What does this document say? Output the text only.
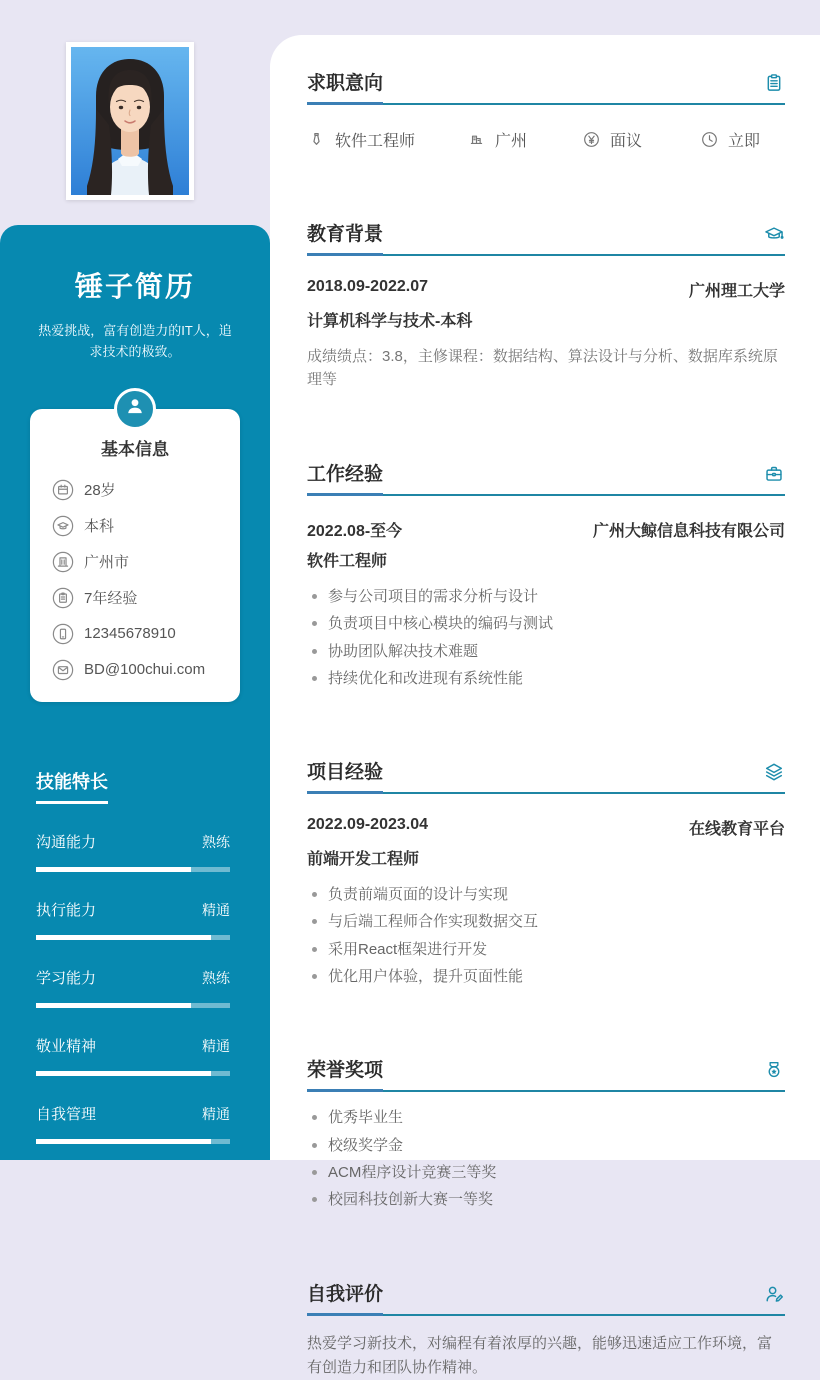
锤子简历
热爱挑战，富有创造力的IT人，追求技术的极致。
基本信息
28岁
本科
广州市
7年经验
12345678910
BD@100chui.com
技能特长
沟通能力	熟练
执行能力	精通
学习能力	熟练
敬业精神	精通
自我管理	精通
求职意向
软件工程师	广州	面议	立即
教育背景
2018.09-2022.07	广州理工大学
计算机科学与技术-本科
成绩绩点：3.8，主修课程：数据结构、算法设计与分析、数据库系统原理等
工作经验
2022.08-至今	广州大鲸信息科技有限公司
软件工程师
参与公司项目的需求分析与设计
负责项目中核心模块的编码与测试
协助团队解决技术难题
持续优化和改进现有系统性能
项目经验
2022.09-2023.04	在线教育平台
前端开发工程师
负责前端页面的设计与实现
与后端工程师合作实现数据交互
采用React框架进行开发
优化用户体验，提升页面性能
荣誉奖项
优秀毕业生
校级奖学金
ACM程序设计竞赛三等奖
校园科技创新大赛一等奖
自我评价

热爱学习新技术，对编程有着浓厚的兴趣，能够迅速适应工作环境，富有创造力和团队协作精神。
